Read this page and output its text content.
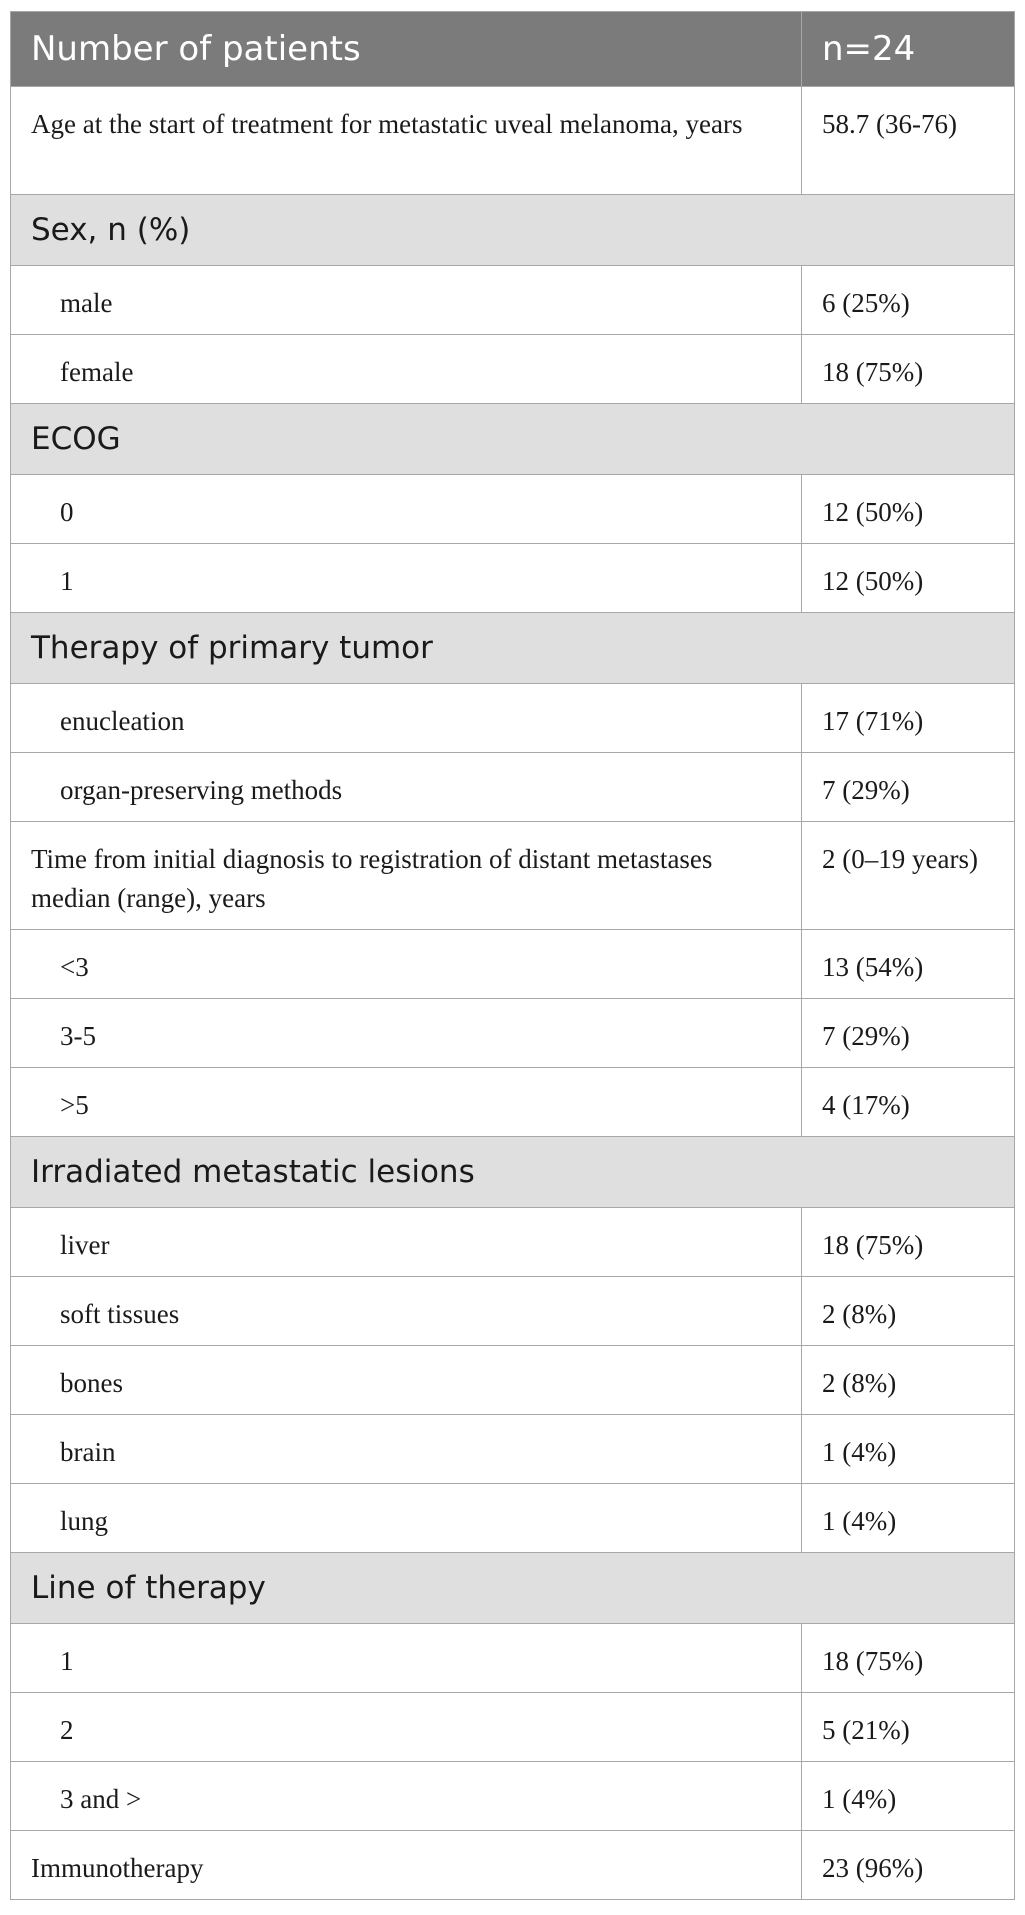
Number of patients	n=24
Age at the start of treatment for metastatic uveal melanoma, years	58.7 (36-76)
Sex, n (%)	
male	6 (25%)
female	18 (75%)
ECOG	
0	12 (50%)
1	12 (50%)
Therapy of primary tumor	
enucleation	17 (71%)
organ-preserving methods	7 (29%)
Time from initial diagnosis to registration of distant metastases median (range), years	2 (0–19 years)
<3	13 (54%)
3-5	7 (29%)
>5	4 (17%)
Irradiated metastatic lesions	
liver	18 (75%)
soft tissues	2 (8%)
bones	2 (8%)
brain	1 (4%)
lung	1 (4%)
Line of therapy	
1	18 (75%)
2	5 (21%)
3 and >	1 (4%)
Immunotherapy	23 (96%)
